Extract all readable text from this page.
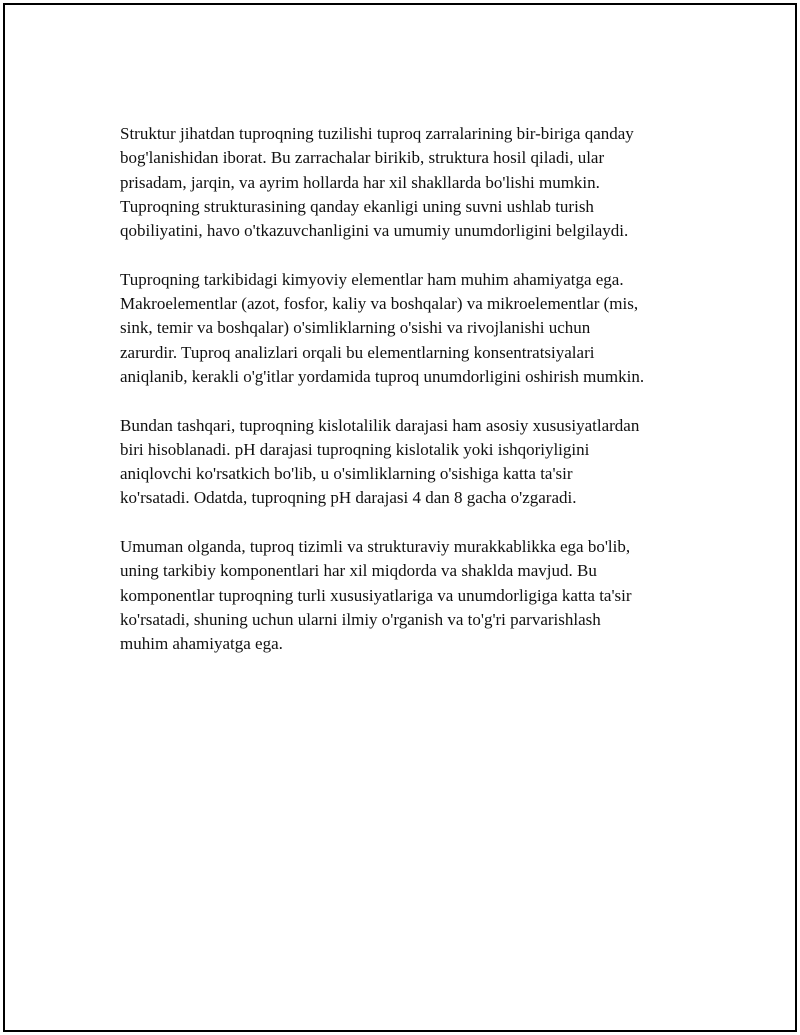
Struktur jihatdan tuproqning tuzilishi tuproq zarralarining bir-biriga qanday
bog'lanishidan iborat. Bu zarrachalar birikib, struktura hosil qiladi, ular
prisadam, jarqin, va ayrim hollarda har xil shakllarda bo'lishi mumkin.
Tuproqning strukturasining qanday ekanligi uning suvni ushlab turish
qobiliyatini, havo o'tkazuvchanligini va umumiy unumdorligini belgilaydi.

Tuproqning tarkibidagi kimyoviy elementlar ham muhim ahamiyatga ega.
Makroelementlar (azot, fosfor, kaliy va boshqalar) va mikroelementlar (mis,
sink, temir va boshqalar) o'simliklarning o'sishi va rivojlanishi uchun
zarurdir. Tuproq analizlari orqali bu elementlarning konsentratsiyalari
aniqlanib, kerakli o'g'itlar yordamida tuproq unumdorligini oshirish mumkin.

Bundan tashqari, tuproqning kislotalilik darajasi ham asosiy xususiyatlardan
biri hisoblanadi. pH darajasi tuproqning kislotalik yoki ishqoriyligini
aniqlovchi ko'rsatkich bo'lib, u o'simliklarning o'sishiga katta ta'sir
ko'rsatadi. Odatda, tuproqning pH darajasi 4 dan 8 gacha o'zgaradi.

Umuman olganda, tuproq tizimli va strukturaviy murakkablikka ega bo'lib,
uning tarkibiy komponentlari har xil miqdorda va shaklda mavjud. Bu
komponentlar tuproqning turli xususiyatlariga va unumdorligiga katta ta'sir
ko'rsatadi, shuning uchun ularni ilmiy o'rganish va to'g'ri parvarishlash
muhim ahamiyatga ega.
